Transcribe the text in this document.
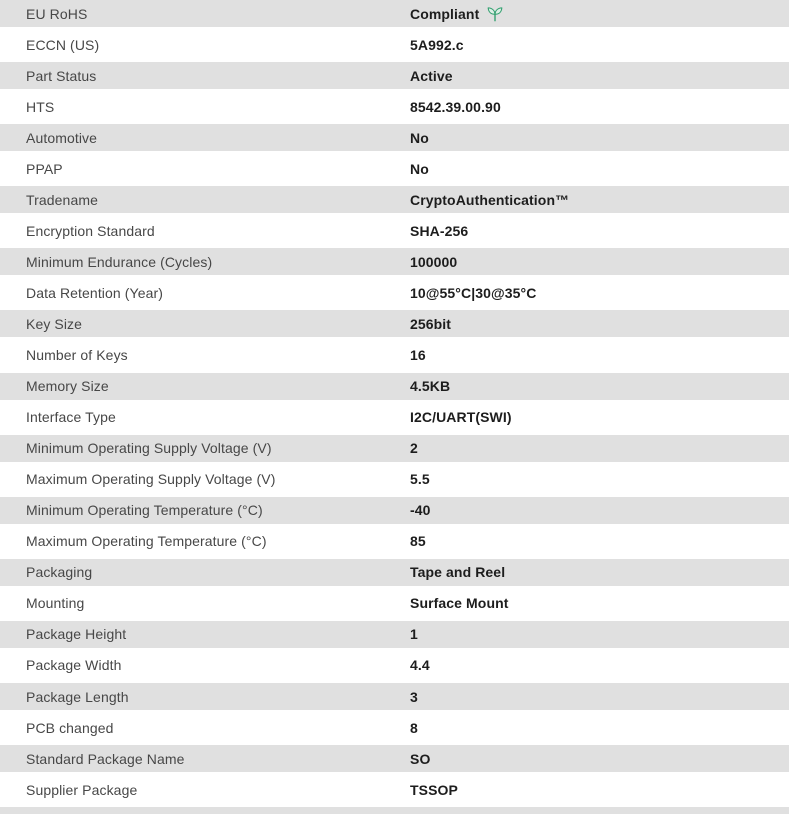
EU RoHS	Compliant
ECCN (US)	5A992.c
Part Status	Active
HTS	8542.39.00.90
Automotive	No
PPAP	No
Tradename	CryptoAuthentication™
Encryption Standard	SHA-256
Minimum Endurance (Cycles)	100000
Data Retention (Year)	10@55°C|30@35°C
Key Size	256bit
Number of Keys	16
Memory Size	4.5KB
Interface Type	I2C/UART(SWI)
Minimum Operating Supply Voltage (V)	2
Maximum Operating Supply Voltage (V)	5.5
Minimum Operating Temperature (°C)	-40
Maximum Operating Temperature (°C)	85
Packaging	Tape and Reel
Mounting	Surface Mount
Package Height	1
Package Width	4.4
Package Length	3
PCB changed	8
Standard Package Name	SO
Supplier Package	TSSOP
